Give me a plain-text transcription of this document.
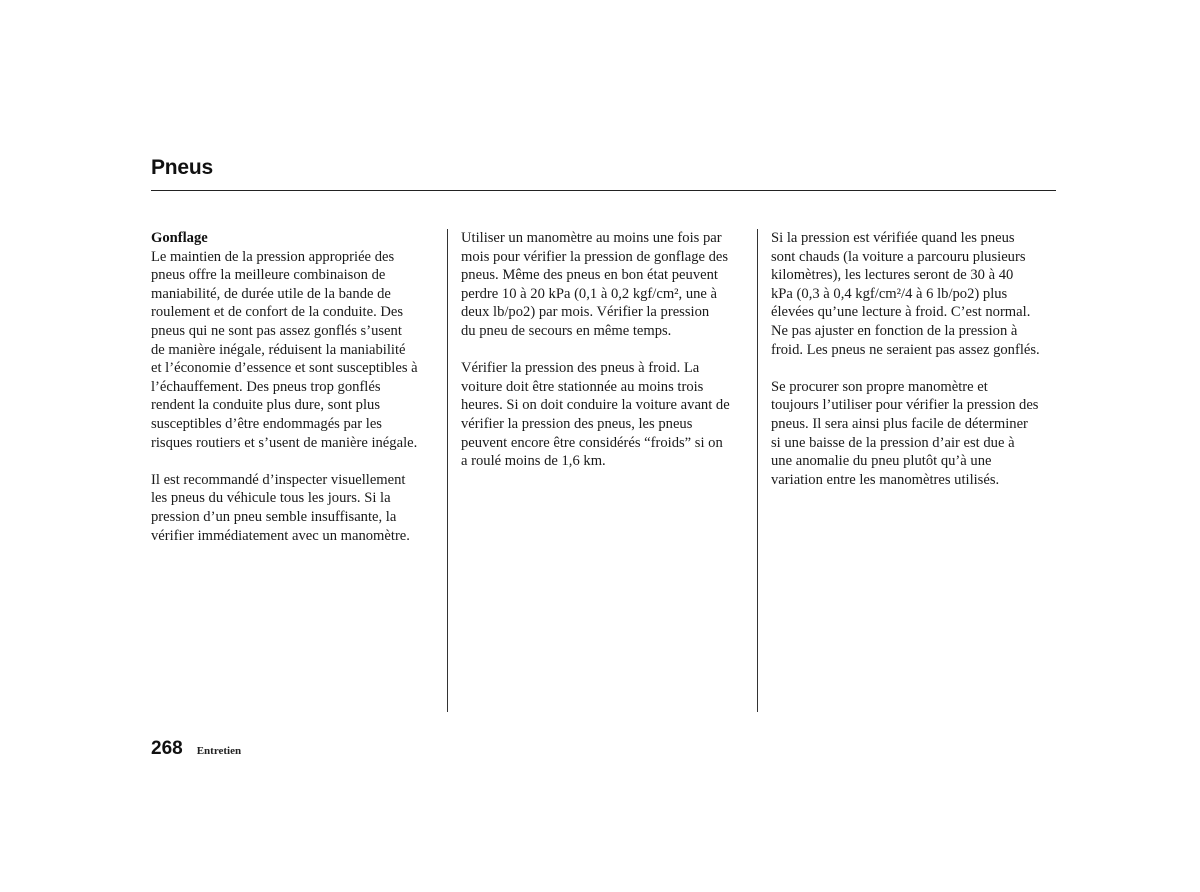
Pneus
Gonflage

Le maintien de la pression appropriée des
pneus offre la meilleure combinaison de
maniabilité, de durée utile de la bande de
roulement et de confort de la conduite. Des
pneus qui ne sont pas assez gonflés s’usent
de manière inégale, réduisent la maniabilité
et l’économie d’essence et sont susceptibles à
l’échauffement. Des pneus trop gonflés
rendent la conduite plus dure, sont plus
susceptibles d’être endommagés par les
risques routiers et s’usent de manière inégale.

Il est recommandé d’inspecter visuellement
les pneus du véhicule tous les jours. Si la
pression d’un pneu semble insuffisante, la
vérifier immédiatement avec un manomètre.

Utiliser un manomètre au moins une fois par
mois pour vérifier la pression de gonflage des
pneus. Même des pneus en bon état peuvent
perdre 10 à 20 kPa (0,1 à 0,2 kgf/cm², une à
deux lb/po2) par mois. Vérifier la pression
du pneu de secours en même temps.

Vérifier la pression des pneus à froid. La
voiture doit être stationnée au moins trois
heures. Si on doit conduire la voiture avant de
vérifier la pression des pneus, les pneus
peuvent encore être considérés “froids” si on
a roulé moins de 1,6 km.

Si la pression est vérifiée quand les pneus
sont chauds (la voiture a parcouru plusieurs
kilomètres), les lectures seront de 30 à 40
kPa (0,3 à 0,4 kgf/cm²/4 à 6 lb/po2) plus
élevées qu’une lecture à froid. C’est normal.
Ne pas ajuster en fonction de la pression à
froid. Les pneus ne seraient pas assez gonflés.

Se procurer son propre manomètre et
toujours l’utiliser pour vérifier la pression des
pneus. Il sera ainsi plus facile de déterminer
si une baisse de la pression d’air est due à
une anomalie du pneu plutôt qu’à une
variation entre les manomètres utilisés.

268 Entretien
